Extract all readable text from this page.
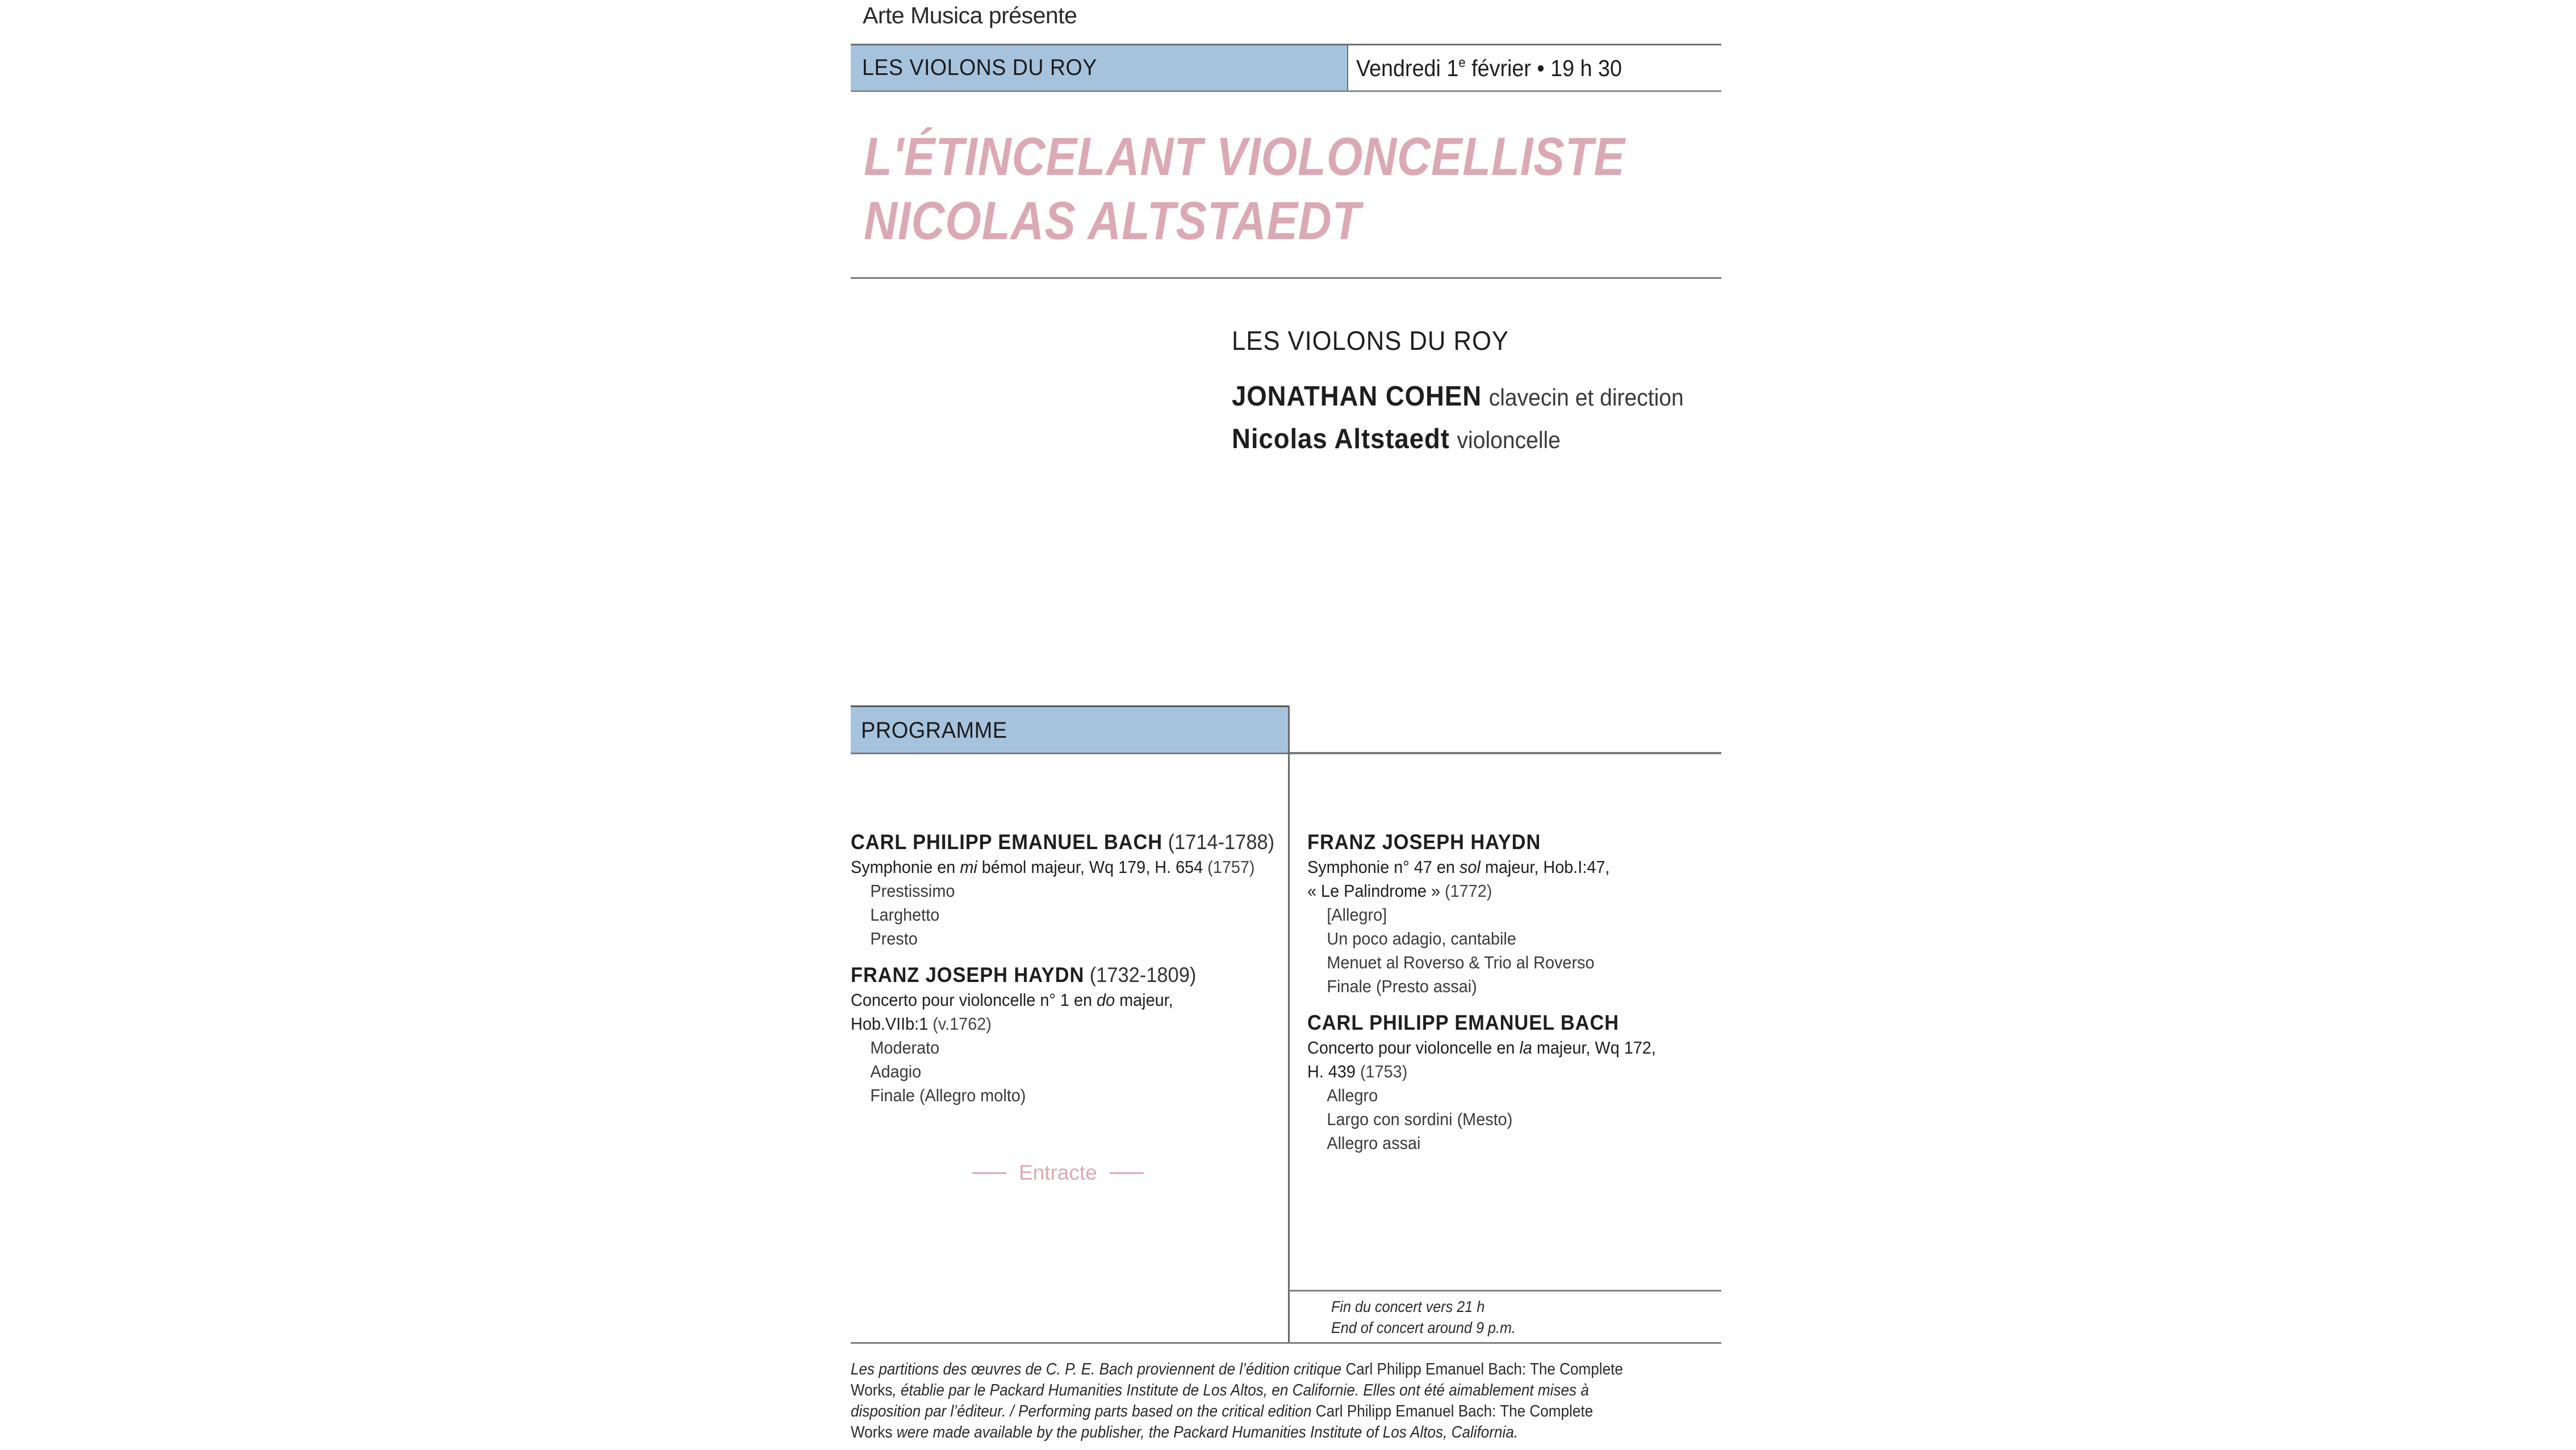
Arte Musica présente
LES VIOLONS DU ROY	Vendredi 1e février • 19 h 30
L'ÉTINCELANT VIOLONCELLISTE
NICOLAS ALTSTAEDT
LES VIOLONS DU ROY
JONATHAN COHEN clavecin et direction
Nicolas Altstaedt violoncelle
PROGRAMME
CARL PHILIPP EMANUEL BACH (1714-1788)
Symphonie en mi bémol majeur, Wq 179, H. 654 (1757)
Prestissimo
Larghetto
Presto
FRANZ JOSEPH HAYDN (1732-1809)
Concerto pour violoncelle n° 1 en do majeur,
Hob.VIIb:1 (v.1762)
Moderato
Adagio
Finale (Allegro molto)
Entracte
FRANZ JOSEPH HAYDN
Symphonie n° 47 en sol majeur, Hob.I:47,
« Le Palindrome » (1772)
[Allegro]
Un poco adagio, cantabile
Menuet al Roverso & Trio al Roverso
Finale (Presto assai)
CARL PHILIPP EMANUEL BACH
Concerto pour violoncelle en la majeur, Wq 172,
H. 439 (1753)
Allegro
Largo con sordini (Mesto)
Allegro assai
Fin du concert vers 21 h
End of concert around 9 p.m.
Les partitions des œuvres de C. P. E. Bach proviennent de l’édition critique Carl Philipp Emanuel Bach: The Complete
Works, établie par le Packard Humanities Institute de Los Altos, en Californie. Elles ont été aimablement mises à
disposition par l’éditeur. / Performing parts based on the critical edition Carl Philipp Emanuel Bach: The Complete
Works were made available by the publisher, the Packard Humanities Institute of Los Altos, California.
